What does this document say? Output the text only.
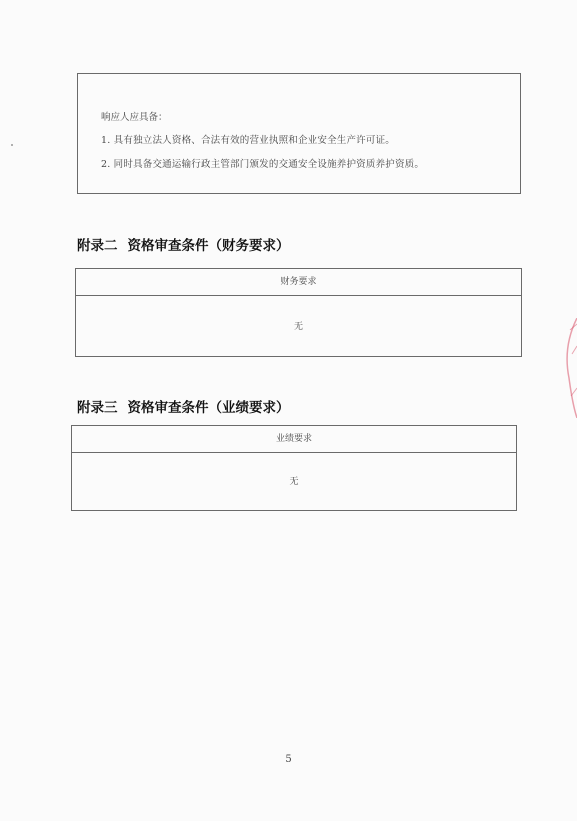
响应人应具备：
1. 具有独立法人资格、合法有效的营业执照和企业安全生产许可证。
2. 同时具备交通运输行政主管部门颁发的交通安全设施养护资质养护资质。
附录二 资格审查条件（财务要求）
财务要求
无
附录三 资格审查条件（业绩要求）
业绩要求
无
5
